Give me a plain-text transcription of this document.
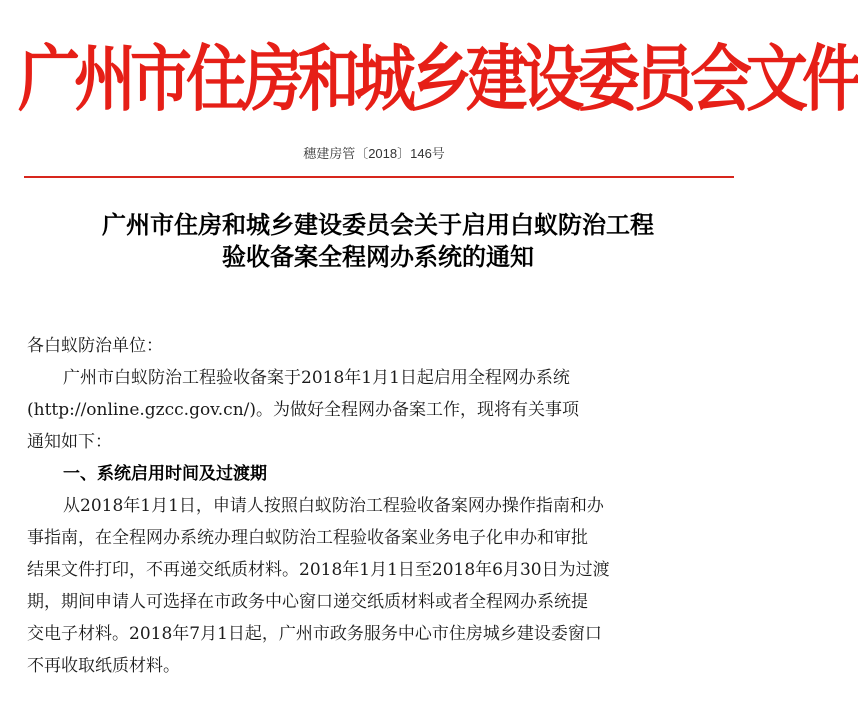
广州市住房和城乡建设委员会文件
穗建房管〔2018〕146号
广州市住房和城乡建设委员会关于启用白蚁防治工程
验收备案全程网办系统的通知
各白蚁防治单位：
广州市白蚁防治工程验收备案于2018年1月1日起启用全程网办系统
(http://online.gzcc.gov.cn/)。为做好全程网办备案工作，现将有关事项
通知如下：
一、系统启用时间及过渡期
从2018年1月1日，申请人按照白蚁防治工程验收备案网办操作指南和办
事指南，在全程网办系统办理白蚁防治工程验收备案业务电子化申办和审批
结果文件打印，不再递交纸质材料。2018年1月1日至2018年6月30日为过渡
期，期间申请人可选择在市政务中心窗口递交纸质材料或者全程网办系统提
交电子材料。2018年7月1日起，广州市政务服务中心市住房城乡建设委窗口
不再收取纸质材料。
